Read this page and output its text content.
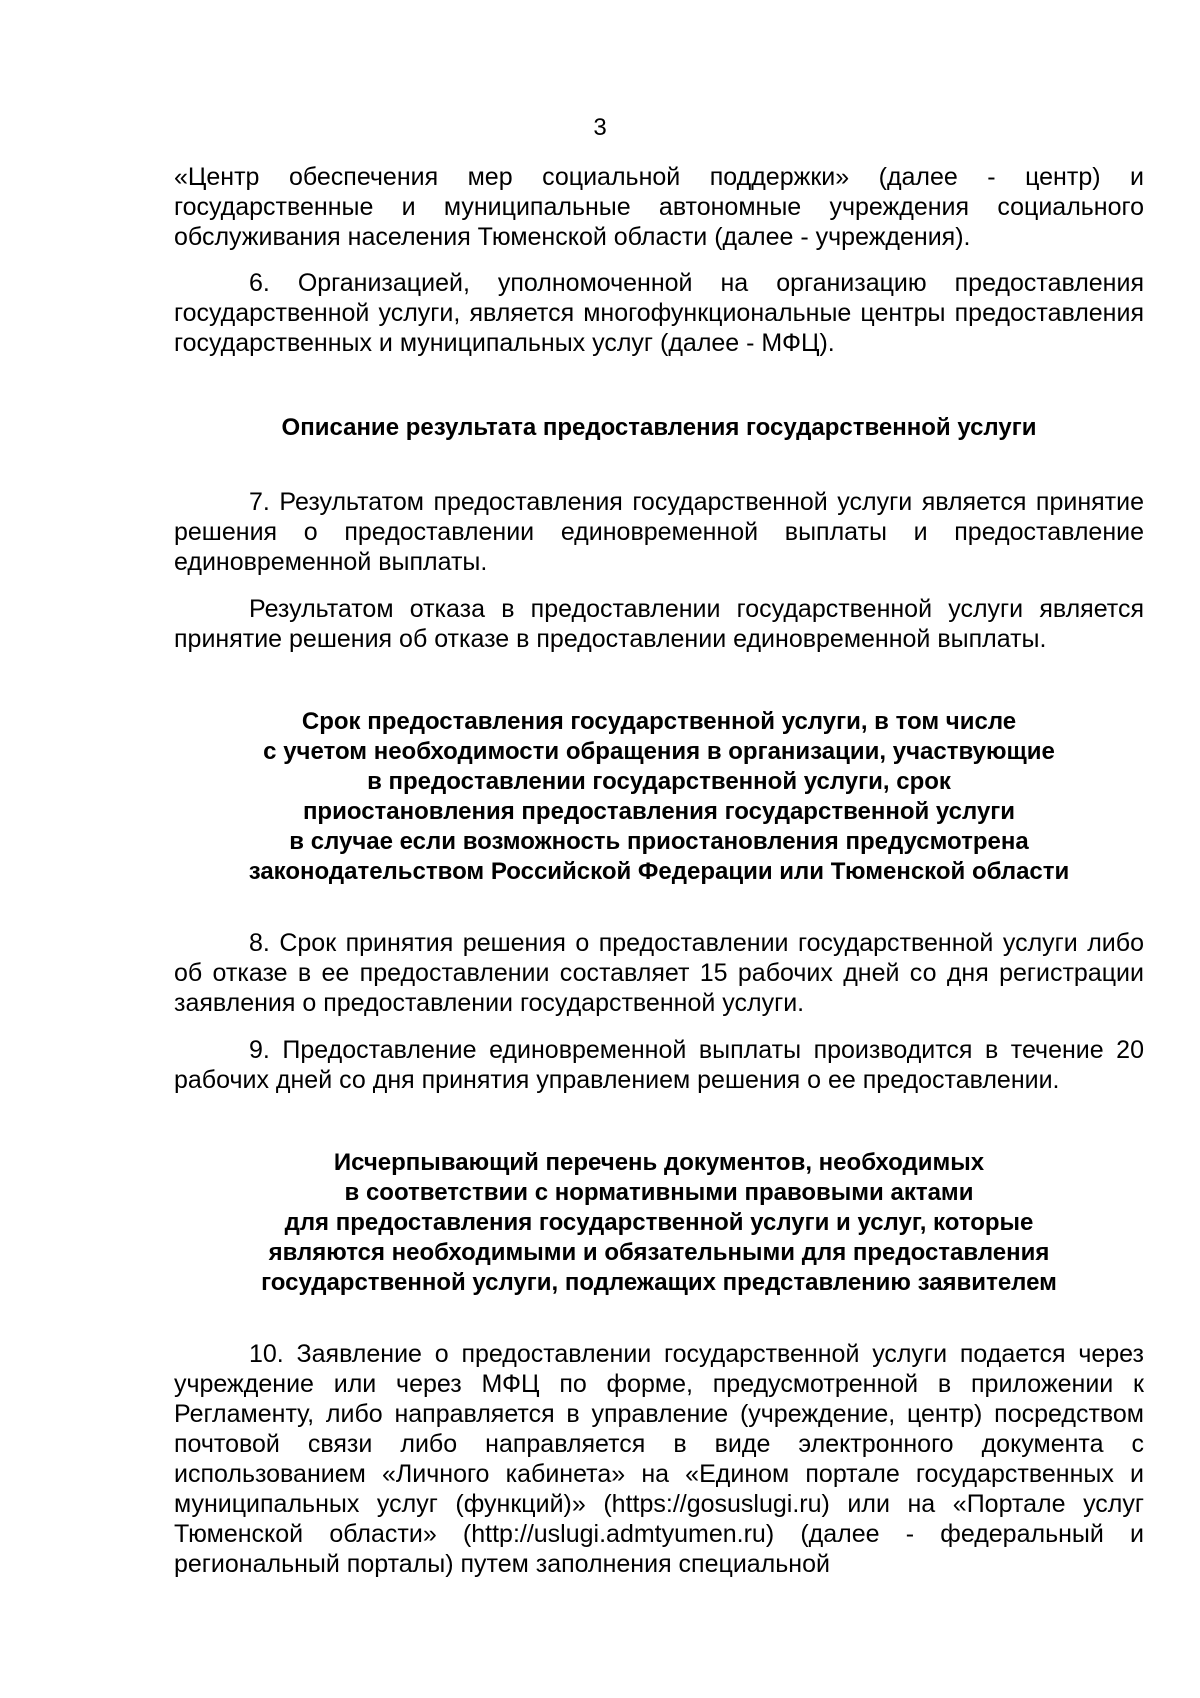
3

«Центр обеспечения мер социальной поддержки» (далее - центр) и государственные и муниципальные автономные учреждения социального обслуживания населения Тюменской области (далее - учреждения).

6. Организацией, уполномоченной на организацию предоставления государственной услуги, является многофункциональные центры предоставления государственных и муниципальных услуг (далее - МФЦ).

Описание результата предоставления государственной услуги

7. Результатом предоставления государственной услуги является принятие решения о предоставлении единовременной выплаты и предоставление единовременной выплаты.

Результатом отказа в предоставлении государственной услуги является принятие решения об отказе в предоставлении единовременной выплаты.

Срок предоставления государственной услуги, в том числе
с учетом необходимости обращения в организации, участвующие
в предоставлении государственной услуги, срок
приостановления предоставления государственной услуги
в случае если возможность приостановления предусмотрена
законодательством Российской Федерации или Тюменской области

8. Срок принятия решения о предоставлении государственной услуги либо об отказе в ее предоставлении составляет 15 рабочих дней со дня регистрации заявления о предоставлении государственной услуги.

9. Предоставление единовременной выплаты производится в течение 20 рабочих дней со дня принятия управлением решения о ее предоставлении.

Исчерпывающий перечень документов, необходимых
в соответствии с нормативными правовыми актами
для предоставления государственной услуги и услуг, которые
являются необходимыми и обязательными для предоставления
государственной услуги, подлежащих представлению заявителем

10. Заявление о предоставлении государственной услуги подается через учреждение или через МФЦ по форме, предусмотренной в приложении к Регламенту, либо направляется в управление (учреждение, центр) посредством почтовой связи либо направляется в виде электронного документа с использованием «Личного кабинета» на «Едином портале государственных и муниципальных услуг (функций)» (https://gosuslugi.ru) или на «Портале услуг Тюменской области» (http://uslugi.admtyumen.ru) (далее - федеральный и региональный порталы) путем заполнения специальной
